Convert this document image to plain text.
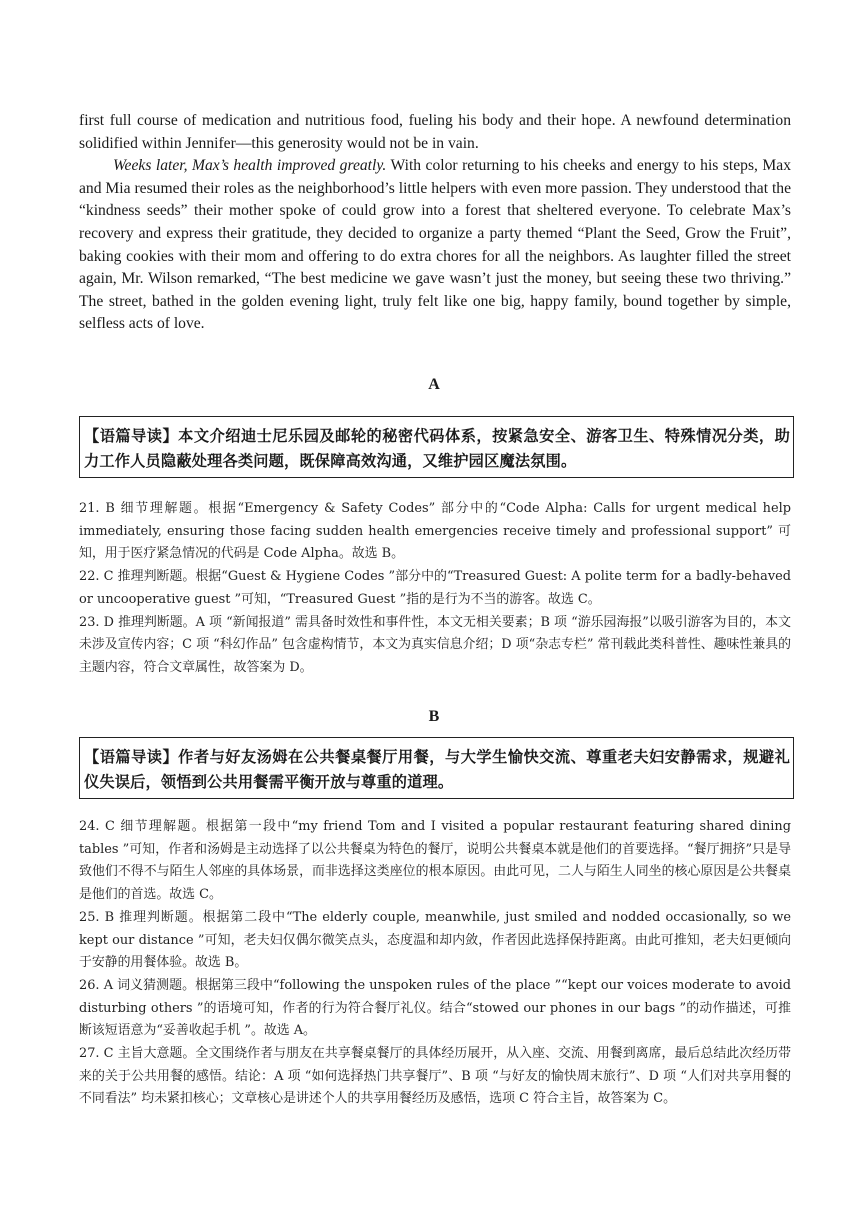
first full course of medication and nutritious food, fueling his body and their hope. A newfound determination solidified within Jennifer—this generosity would not be in vain.

Weeks later, Max’s health improved greatly. With color returning to his cheeks and energy to his steps, Max and Mia resumed their roles as the neighborhood’s little helpers with even more passion. They understood that the “kindness seeds” their mother spoke of could grow into a forest that sheltered everyone. To celebrate Max’s recovery and express their gratitude, they decided to organize a party themed “Plant the Seed, Grow the Fruit”, baking cookies with their mom and offering to do extra chores for all the neighbors. As laughter filled the street again, Mr. Wilson remarked, “The best medicine we gave wasn’t just the money, but seeing these two thriving.” The street, bathed in the golden evening light, truly felt like one big, happy family, bound together by simple, selfless acts of love.

A
【语篇导读】本文介绍迪士尼乐园及邮轮的秘密代码体系，按紧急安全、游客卫生、特殊情况分类，助力工作人员隐蔽处理各类问题，既保障高效沟通，又维护园区魔法氛围。

21. B 细节理解题。根据“Emergency & Safety Codes” 部分中的“Code Alpha: Calls for urgent medical help immediately, ensuring those facing sudden health emergencies receive timely and professional support” 可知，用于医疗紧急情况的代码是 Code Alpha。故选 B。

22. C 推理判断题。根据“Guest & Hygiene Codes ”部分中的“Treasured Guest: A polite term for a badly-behaved or uncooperative guest ”可知，“Treasured Guest ”指的是行为不当的游客。故选 C。

23. D 推理判断题。A 项 “新闻报道” 需具备时效性和事件性，本文无相关要素；B 项 “游乐园海报”以吸引游客为目的，本文未涉及宣传内容；C 项 “科幻作品” 包含虚构情节，本文为真实信息介绍；D 项“杂志专栏” 常刊载此类科普性、趣味性兼具的主题内容，符合文章属性，故答案为 D。

B
【语篇导读】作者与好友汤姆在公共餐桌餐厅用餐，与大学生愉快交流、尊重老夫妇安静需求，规避礼仪失误后，领悟到公共用餐需平衡开放与尊重的道理。

24. C 细节理解题。根据第一段中“my friend Tom and I visited a popular restaurant featuring shared dining tables ”可知，作者和汤姆是主动选择了以公共餐桌为特色的餐厅，说明公共餐桌本就是他们的首要选择。“餐厅拥挤”只是导致他们不得不与陌生人邻座的具体场景，而非选择这类座位的根本原因。由此可见，二人与陌生人同坐的核心原因是公共餐桌是他们的首选。故选 C。

25. B 推理判断题。根据第二段中“The elderly couple, meanwhile, just smiled and nodded occasionally, so we kept our distance ”可知，老夫妇仅偶尔微笑点头，态度温和却内敛，作者因此选择保持距离。由此可推知，老夫妇更倾向于安静的用餐体验。故选 B。

26. A 词义猜测题。根据第三段中“following the unspoken rules of the place ”“kept our voices moderate to avoid disturbing others ”的语境可知，作者的行为符合餐厅礼仪。结合“stowed our phones in our bags ”的动作描述，可推断该短语意为“妥善收起手机 ”。故选 A。

27. C 主旨大意题。全文围绕作者与朋友在共享餐桌餐厅的具体经历展开，从入座、交流、用餐到离席，最后总结此次经历带来的关于公共用餐的感悟。结论：A 项 “如何选择热门共享餐厅”、B 项 “与好友的愉快周末旅行”、D 项 “人们对共享用餐的不同看法” 均未紧扣核心；文章核心是讲述个人的共享用餐经历及感悟，选项 C 符合主旨，故答案为 C。
